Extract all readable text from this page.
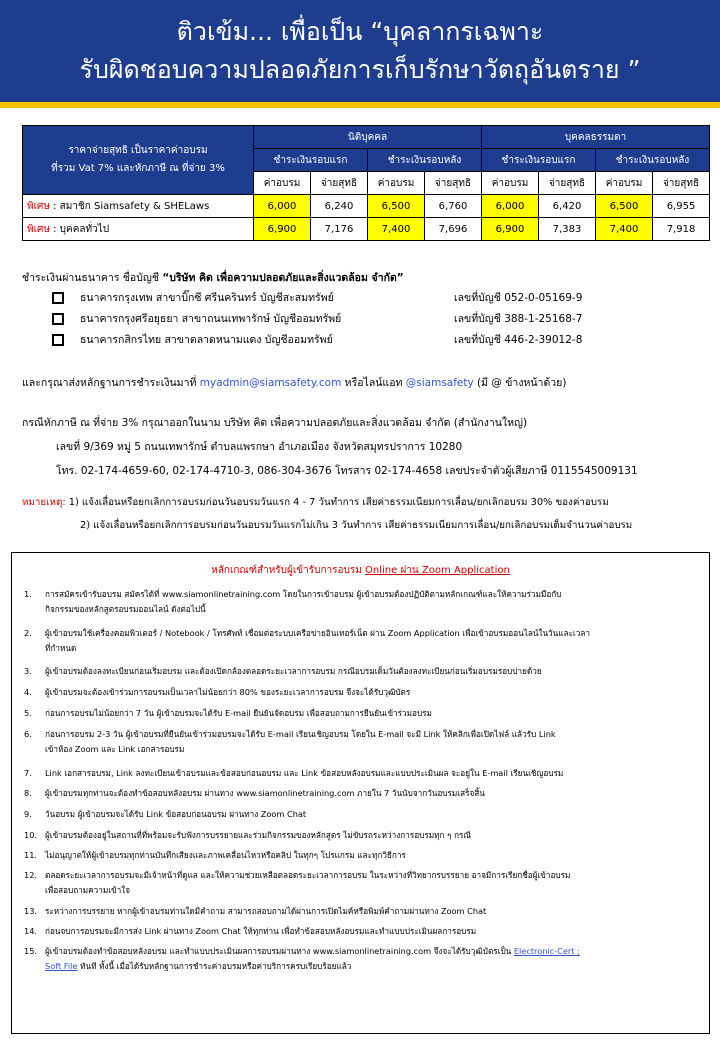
ติวเข้ม... เพื่อเป็น “บุคลากรเฉพาะ
รับผิดชอบความปลอดภัยการเก็บรักษาวัตถุอันตราย ”
ราคาจ่ายสุทธิ เป็นราคาค่าอบรม
ที่รวม Vat 7% และหักภาษี ณ ที่จ่าย 3%	นิติบุคคล				บุคคลธรรมดา			
	ชำระเงินรอบแรก		ชำระเงินรอบหลัง		ชำระเงินรอบแรก		ชำระเงินรอบหลัง	
	ค่าอบรม	จ่ายสุทธิ	ค่าอบรม	จ่ายสุทธิ	ค่าอบรม	จ่ายสุทธิ	ค่าอบรม	จ่ายสุทธิ
พิเศษ : สมาชิก Siamsafety & SHELaws	6,000	6,240	6,500	6,760	6,000	6,420	6,500	6,955
พิเศษ : บุคคลทั่วไป	6,900	7,176	7,400	7,696	6,900	7,383	7,400	7,918
ชำระเงินผ่านธนาคาร ชื่อบัญชี “บริษัท คิด เพื่อความปลอดภัยและสิ่งแวดล้อม จำกัด”
ธนาคารกรุงเทพ สาขาบิ๊กซี ศรีนครินทร์ บัญชีสะสมทรัพย์	เลขที่บัญชี 052-0-05169-9
ธนาคารกรุงศรีอยุธยา สาขาถนนเทพารักษ์ บัญชีออมทรัพย์	เลขที่บัญชี 388-1-25168-7
ธนาคารกสิกรไทย สาขาตลาดหนามแดง บัญชีออมทรัพย์	เลขที่บัญชี 446-2-39012-8
และกรุณาส่งหลักฐานการชำระเงินมาที่ myadmin@siamsafety.com หรือไลน์แอท @siamsafety (มี @ ข้างหน้าด้วย)
กรณีหักภาษี ณ ที่จ่าย 3% กรุณาออกในนาม บริษัท คิด เพื่อความปลอดภัยและสิ่งแวดล้อม จำกัด (สำนักงานใหญ่)
เลขที่ 9/369 หมู่ 5 ถนนเทพารักษ์ ตำบลแพรกษา อำเภอเมือง จังหวัดสมุทรปราการ 10280
โทร. 02-174-4659-60, 02-174-4710-3, 086-304-3676 โทรสาร 02-174-4658 เลขประจำตัวผู้เสียภาษี 0115545009131
หมายเหตุ: 1) แจ้งเลื่อนหรือยกเลิกการอบรมก่อนวันอบรมวันแรก 4 - 7 วันทำการ เสียค่าธรรมเนียมการเลื่อน/ยกเลิกอบรม 30% ของค่าอบรม
2) แจ้งเลื่อนหรือยกเลิกการอบรมก่อนวันอบรมวันแรกไม่เกิน 3 วันทำการ เสียค่าธรรมเนียมการเลื่อน/ยกเลิกอบรมเต็มจำนวนค่าอบรม
หลักเกณฑ์สำหรับผู้เข้ารับการอบรม Online ผ่าน Zoom Application
1. การสมัครเข้ารับอบรม สมัครได้ที่ www.siamonlinetraining.com โดยในการเข้าอบรม ผู้เข้าอบรมต้องปฏิบัติตามหลักเกณฑ์และให้ความร่วมมือกับ
กิจกรรมของหลักสูตรอบรมออนไลน์ ดังต่อไปนี้
2. ผู้เข้าอบรมใช้เครื่องคอมพิวเตอร์ / Notebook / โทรศัพท์ เชื่อมต่อระบบเครือข่ายอินเทอร์เน็ต ผ่าน Zoom Application เพื่อเข้าอบรมออนไลน์ในวันและเวลา
ที่กำหนด
3. ผู้เข้าอบรมต้องลงทะเบียนก่อนเริ่มอบรม และต้องเปิดกล้องตลอดระยะเวลาการอบรม กรณีอบรมเต็มวันต้องลงทะเบียนก่อนเริ่มอบรมรอบบ่ายด้วย
4. ผู้เข้าอบรมจะต้องเข้าร่วมการอบรมเป็นเวลาไม่น้อยกว่า 80% ของระยะเวลาการอบรม จึงจะได้รับวุฒิบัตร
5. ก่อนการอบรมไม่น้อยกว่า 7 วัน ผู้เข้าอบรมจะได้รับ E-mail ยืนยันจัดอบรม เพื่อสอบถามการยืนยันเข้าร่วมอบรม
6. ก่อนการอบรม 2-3 วัน ผู้เข้าอบรมที่ยืนยันเข้าร่วมอบรมจะได้รับ E-mail เรียนเชิญอบรม โดยใน E-mail จะมี Link ให้คลิกเพื่อเปิดไฟล์ แล้วรับ Link
เข้าห้อง Zoom และ Link เอกสารอบรม
7. Link เอกสารอบรม, Link ลงทะเบียนเข้าอบรมและข้อสอบก่อนอบรม และ Link ข้อสอบหลังอบรมและแบบประเมินผล จะอยู่ใน E-mail เรียนเชิญอบรม
8. ผู้เข้าอบรมทุกท่านจะต้องทำข้อสอบหลังอบรม ผ่านทาง www.siamonlinetraining.com ภายใน 7 วันนับจากวันอบรมเสร็จสิ้น
9. วันอบรม ผู้เข้าอบรมจะได้รับ Link ข้อสอบก่อนอบรม ผ่านทาง Zoom Chat
10. ผู้เข้าอบรมต้องอยู่ในสถานที่ที่พร้อมจะรับฟังการบรรยายและร่วมกิจกรรมของหลักสูตร ไม่ขับรถระหว่างการอบรมทุก ๆ กรณี
11. ไม่อนุญาตให้ผู้เข้าอบรมทุกท่านบันทึกเสียงและภาพเคลื่อนไหวหรือคลิป ในทุกๆ โปรแกรม และทุกวิธีการ
12. ตลอดระยะเวลาการอบรมจะมีเจ้าหน้าที่ดูแล และให้ความช่วยเหลือตลอดระยะเวลาการอบรม ในระหว่างที่วิทยากรบรรยาย อาจมีการเรียกชื่อผู้เข้าอบรม
เพื่อสอบถามความเข้าใจ
13. ระหว่างการบรรยาย หากผู้เข้าอบรมท่านใดมีคำถาม สามารถสอบถามได้ผ่านการเปิดไมค์หรือพิมพ์คำถามผ่านทาง Zoom Chat
14. ก่อนจบการอบรมจะมีการส่ง Link ผ่านทาง Zoom Chat ให้ทุกท่าน เพื่อทำข้อสอบหลังอบรมและทำแบบประเมินผลการอบรม
15. ผู้เข้าอบรมต้องทำข้อสอบหลังอบรม และทำแบบประเมินผลการอบรมผ่านทาง www.siamonlinetraining.com จึงจะได้รับวุฒิบัตรเป็น Electronic-Cert ;
Soft File ทันที ทั้งนี้ เมื่อได้รับหลักฐานการชำระค่าอบรมหรือค่าบริการครบเรียบร้อยแล้ว
